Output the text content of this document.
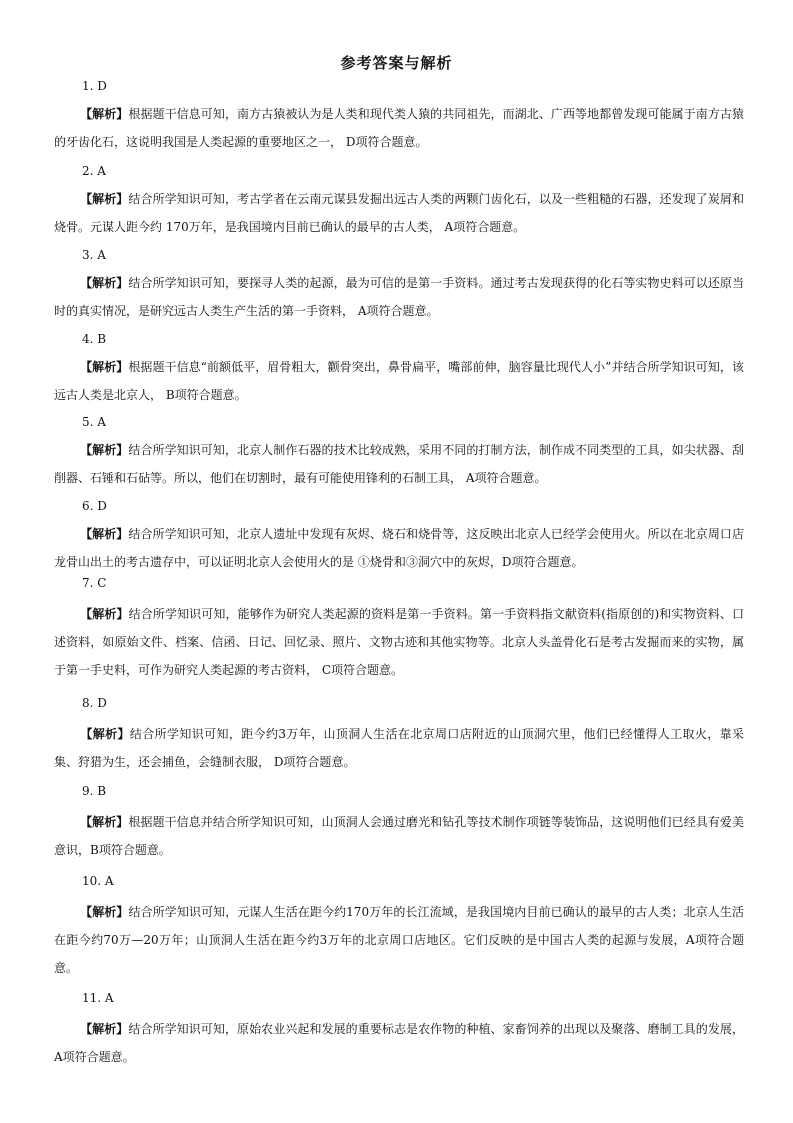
参考答案与解析
1. D
【解析】根据题干信息可知，南方古猿被认为是人类和现代类人猿的共同祖先，而湖北、广西等地都曾发现可能属于南方古猿的牙齿化石，这说明我国是人类起源的重要地区之一， D项符合题意。
2. A
【解析】结合所学知识可知，考古学者在云南元谋县发掘出远古人类的两颗门齿化石，以及一些粗糙的石器，还发现了炭屑和烧骨。元谋人距今约 170万年，是我国境内目前已确认的最早的古人类， A项符合题意。
3. A
【解析】结合所学知识可知，要探寻人类的起源，最为可信的是第一手资料。通过考古发现获得的化石等实物史料可以还原当时的真实情况，是研究远古人类生产生活的第一手资料， A项符合题意。
4. B
【解析】根据题干信息“前额低平，眉骨粗大，颧骨突出，鼻骨扁平，嘴部前伸，脑容量比现代人小”并结合所学知识可知，该远古人类是北京人， B项符合题意。
5. A
【解析】结合所学知识可知，北京人制作石器的技术比较成熟，采用不同的打制方法，制作成不同类型的工具，如尖状器、刮削器、石锤和石砧等。所以，他们在切割时，最有可能使用锋利的石制工具， A项符合题意。
6. D
【解析】结合所学知识可知，北京人遗址中发现有灰烬、烧石和烧骨等，这反映出北京人已经学会使用火。所以在北京周口店龙骨山出土的考古遗存中，可以证明北京人会使用火的是 ①烧骨和③洞穴中的灰烬，D项符合题意。
7. C
【解析】结合所学知识可知，能够作为研究人类起源的资料是第一手资料。第一手资料指文献资料(指原创的)和实物资料、口述资料，如原始文件、档案、信函、日记、回忆录、照片、文物古迹和其他实物等。北京人头盖骨化石是考古发掘而来的实物，属于第一手史料，可作为研究人类起源的考古资料， C项符合题意。
8. D
【解析】结合所学知识可知，距今约3万年，山顶洞人生活在北京周口店附近的山顶洞穴里，他们已经懂得人工取火，靠采集、狩猎为生，还会捕鱼，会缝制衣服， D项符合题意。
9. B
【解析】根据题干信息并结合所学知识可知，山顶洞人会通过磨光和钻孔等技术制作项链等装饰品，这说明他们已经具有爱美意识，B项符合题意。
10. A
【解析】结合所学知识可知，元谋人生活在距今约170万年的长江流域，是我国境内目前已确认的最早的古人类；北京人生活在距今约70万—20万年；山顶洞人生活在距今约3万年的北京周口店地区。它们反映的是中国古人类的起源与发展，A项符合题意。
11. A
【解析】结合所学知识可知，原始农业兴起和发展的重要标志是农作物的种植、家畜饲养的出现以及聚落、磨制工具的发展，A项符合题意。
